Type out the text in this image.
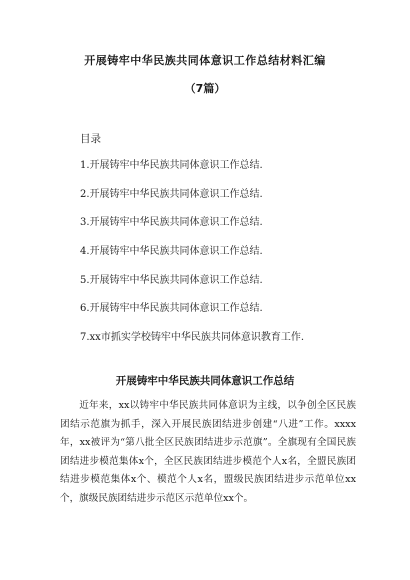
开展铸牢中华民族共同体意识工作总结材料汇编
（7篇）
目录
1.开展铸牢中华民族共同体意识工作总结.
2.开展铸牢中华民族共同体意识工作总结.
3.开展铸牢中华民族共同体意识工作总结.
4.开展铸牢中华民族共同体意识工作总结.
5.开展铸牢中华民族共同体意识工作总结.
6.开展铸牢中华民族共同体意识工作总结.
7.xx市抓实学校铸牢中华民族共同体意识教育工作.
开展铸牢中华民族共同体意识工作总结

近年来，xx以铸牢中华民族共同体意识为主线，以争创全区民族团结示范旗为抓手，深入开展民族团结进步创建“八进”工作。xxxx年，xx被评为“第八批全区民族团结进步示范旗”。全旗现有全国民族团结进步模范集体x个，全区民族团结进步模范个人x名，全盟民族团结进步模范集体x个、模范个人x名，盟级民族团结进步示范单位xx个，旗级民族团结进步示范区示范单位xx个。
